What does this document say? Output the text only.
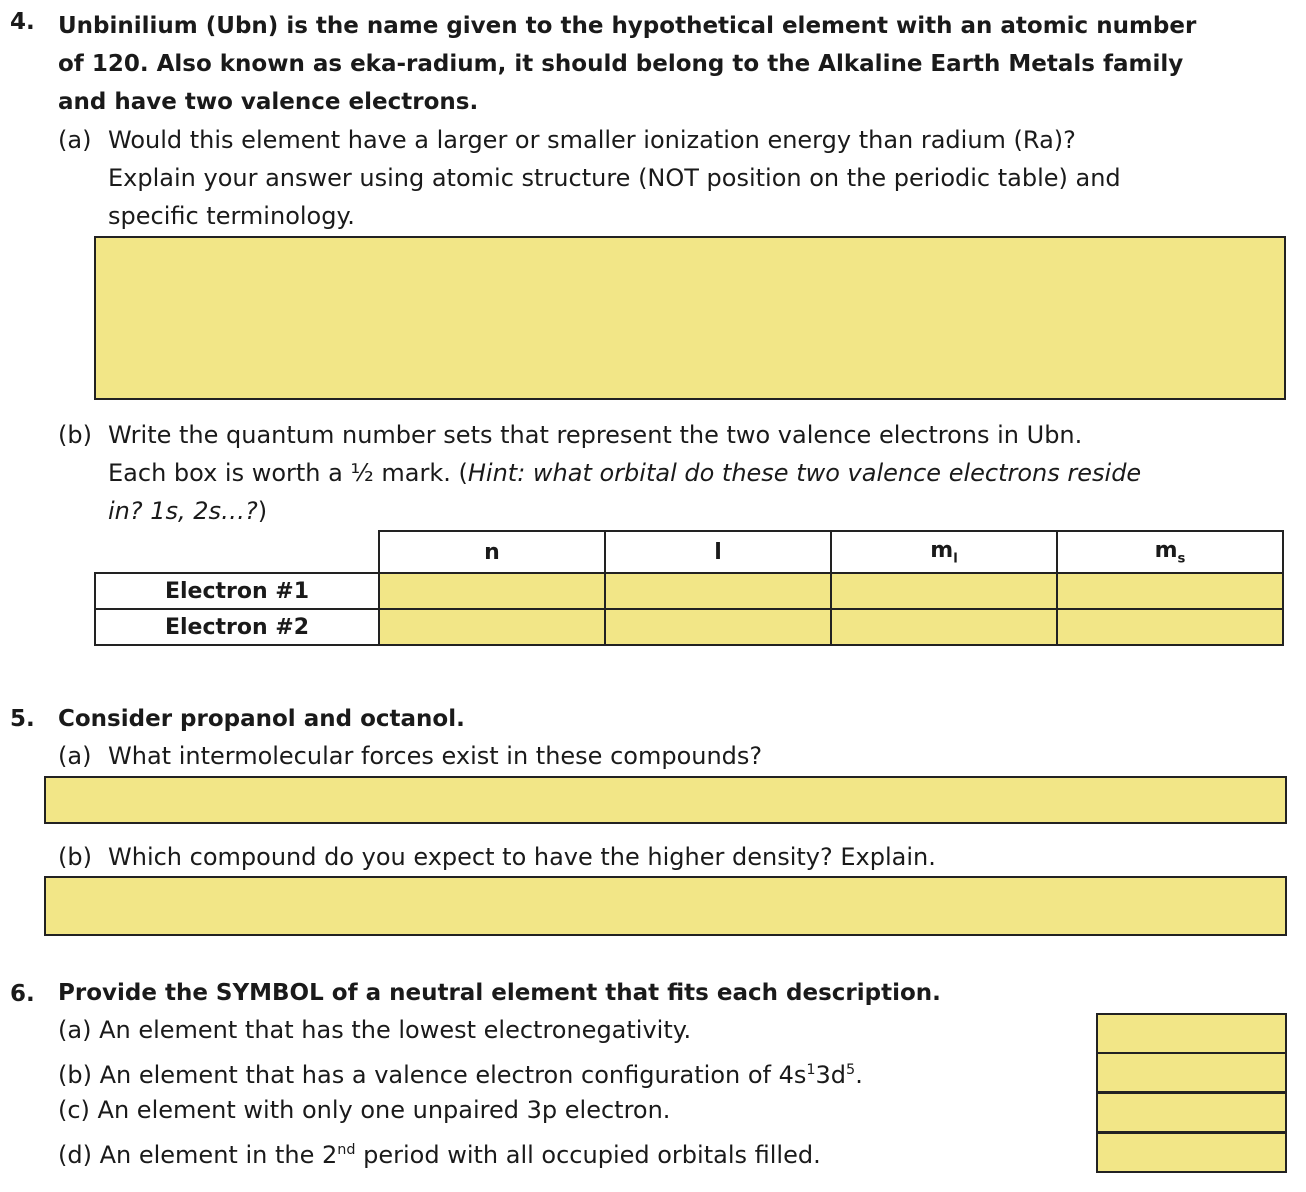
4. Unbinilium (Ubn) is the name given to the hypothetical element with an atomic number
of 120. Also known as eka-radium, it should belong to the Alkaline Earth Metals family
and have two valence electrons.
(a) Would this element have a larger or smaller ionization energy than radium (Ra)?
Explain your answer using atomic structure (NOT position on the periodic table) and
specific terminology.
(b) Write the quantum number sets that represent the two valence electrons in Ubn.
Each box is worth a ½ mark. (Hint: what orbital do these two valence electrons reside
in? 1s, 2s…?)
	n	l	$m_l$	$m_s$
Electron #1				
Electron #2				
5. Consider propanol and octanol.
(a) What intermolecular forces exist in these compounds?
(b) Which compound do you expect to have the higher density? Explain.
6. Provide the SYMBOL of a neutral element that fits each description.
(a) An element that has the lowest electronegativity.
(b) An element that has a valence electron configuration of $4s^13d^5$.
(c) An element with only one unpaired 3p electron.
(d) An element in the 2nd period with all occupied orbitals filled.
